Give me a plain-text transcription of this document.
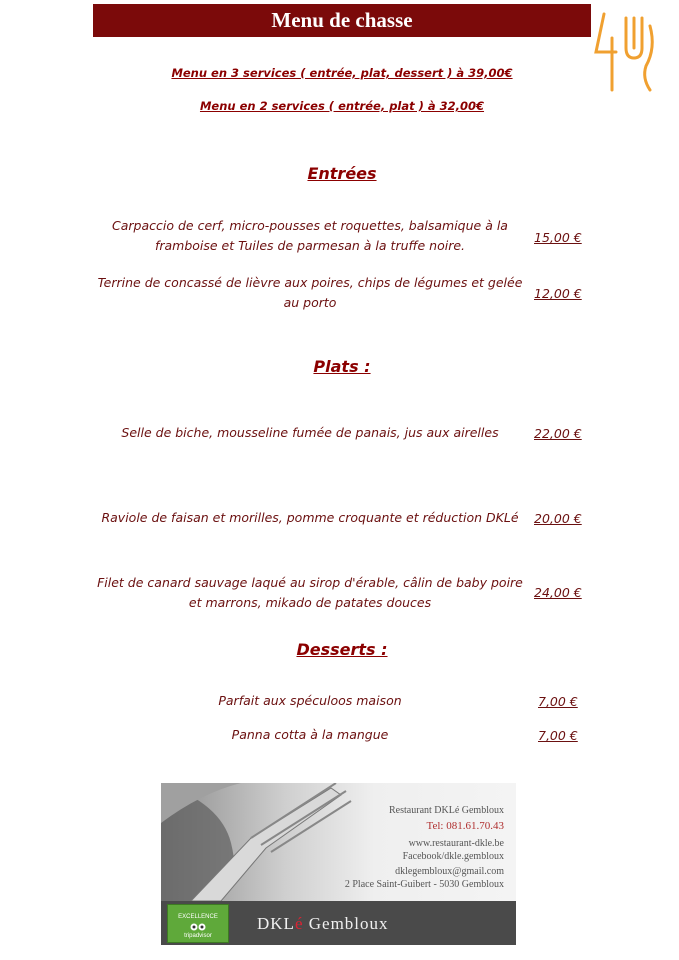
Menu de chasse
Menu en 3 services ( entrée, plat, dessert ) à 39,00€
Menu en 2 services ( entrée, plat ) à 32,00€
Entrées
Carpaccio de cerf, micro-pousses et roquettes, balsamique à la
framboise et Tuiles de parmesan à la truffe noire.
15,00 €
Terrine de concassé de lièvre aux poires, chips de légumes et gelée
au porto
12,00 €
Plats :
Selle de biche, mousseline fumée de panais, jus aux airelles	22,00 €
Raviole de faisan et morilles, pomme croquante et réduction DKLé	20,00 €
Filet de canard sauvage laqué au sirop d'érable, câlin de baby poire
et marrons, mikado de patates douces
24,00 €
Desserts :
Parfait aux spéculoos maison	7,00 €
Panna cotta à la mangue	7,00 €
Restaurant DKLé Gembloux
Tel: 081.61.70.43
www.restaurant-dkle.be
Facebook/dkle.gembloux
dklegembloux@gmail.com
2 Place Saint-Guibert - 5030 Gembloux
EXCELLENCE
tripadvisor
DKLé Gembloux
